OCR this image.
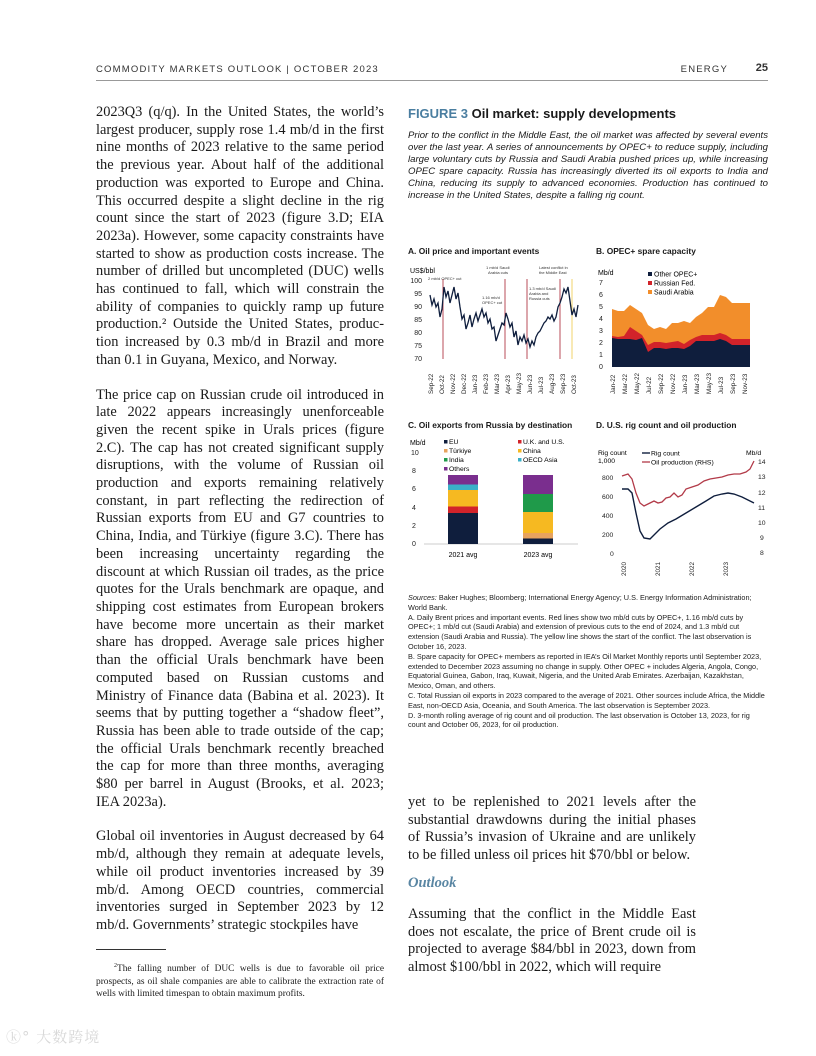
COMMODITY MARKETS OUTLOOK | OCTOBER 2023	ENERGY	25

2023Q3 (q/q). In the United States, the world’s largest producer, supply rose 1.4 mb/d in the first nine months of 2023 relative to the same period the previous year. About half of the additional production was exported to Europe and China. This occurred despite a slight decline in the rig count since the start of 2023 (figure 3.D; EIA 2023a). However, some capacity constraints have started to show as production costs increase. The number of drilled but uncompleted (DUC) wells has continued to fall, which will constrain the ability of companies to quickly ramp up future production.² Outside the United States, production increased by 0.3 mb/d in Brazil and more than 0.1 in Guyana, Mexico, and Norway.

The price cap on Russian crude oil introduced in late 2022 appears increasingly unenforceable given the recent spike in Urals prices (figure 2.C). The cap has not created significant supply disruptions, with the volume of Russian oil production and exports remaining relatively constant, in part reflecting the redirection of Russian exports from EU and G7 countries to China, India, and Türkiye (figure 3.C). There has been increasing uncertainty regarding the discount at which Russian oil trades, as the price quotes for the Urals benchmark are opaque, and shipping cost estimates from European brokers have become more uncertain as their market share has dropped. Average sale prices higher than the official Urals benchmark have been computed based on Russian customs and Ministry of Finance data (Babina et al. 2023). It seems that by putting together a “shadow fleet”, Russia has been able to trade outside of the cap; the official Urals benchmark recently breached the cap for more than three months, averaging $80 per barrel in August (Brooks, et al. 2023; IEA 2023a).

Global oil inventories in August decreased by 64 mb/d, although they remain at adequate levels, while oil product inventories increased by 39 mb/d. Among OECD countries, commercial inventories surged in September 2023 by 12 mb/d. Governments’ strategic stockpiles have

$^2$The falling number of DUC wells is due to favorable oil price prospects, as oil shale companies are able to calibrate the extraction rate of wells with limited timespan to obtain maximum profits.
FIGURE 3 Oil market: supply developments
Prior to the conflict in the Middle East, the oil market was affected by several events over the last year. A series of announcements by OPEC+ to reduce supply, including large voluntary cuts by Russia and Saudi Arabia pushed prices up, while increasing OPEC spare capacity. Russia has increasingly diverted its oil exports to India and China, reducing its supply to advanced economies. Production has continued to increase in the United States, despite a falling rig count.
A. Oil price and important events
US$/bbl
100
95
90
85
80
75
70
2 mb/d OPEC+ cut
1 mb/d Saudi
Arabia cuts
1.16 mb/d
OPEC+ cut
1.3 mb/d Saudi
Arabia and
Russia cuts
Latest conflict in
the Middle East
Sep-22 Oct-22 Nov-22 Dec-22 Jan-23 Feb-23 Mar-23 Apr-23 May-23 Jun-23 Jul-23 Aug-23 Sep-23 Oct-23
B. OPEC+ spare capacity
Mb/d
7
6
5
4
3
2
1
0
Other OPEC+
Russian Fed.
Saudi Arabia
Jan-22 Mar-22 May-22 Jul-22 Sep-22 Nov-22 Jan-23 Mar-23 May-23 Jul-23 Sep-23 Nov-23
C. Oil exports from Russia by destination
Mb/d
10
8
6
4
2
0
EU
Türkiye
India
Others
U.K. and U.S.
China
OECD Asia
2021 avg	2023 avg
D. U.S. rig count and oil production
Rig count
1,000
Mb/d
800
600
400
200
0
14
13
12
11
10
9
8
Rig count
Oil production (RHS)
2020	2021	2022	2023

Sources: Baker Hughes; Bloomberg; International Energy Agency; U.S. Energy Information Administration; World Bank.

A. Daily Brent prices and important events. Red lines show two mb/d cuts by OPEC+, 1.16 mb/d cuts by OPEC+; 1 mb/d cut (Saudi Arabia) and extension of previous cuts to the end of 2024, and 1.3 mb/d cut extension (Saudi Arabia and Russia). The yellow line shows the start of the conflict. The last observation is October 16, 2023.

B. Spare capacity for OPEC+ members as reported in IEA’s Oil Market Monthly reports until September 2023, extended to December 2023 assuming no change in supply. Other OPEC + includes Algeria, Angola, Congo, Equatorial Guinea, Gabon, Iraq, Kuwait, Nigeria, and the United Arab Emirates. Azerbaijan, Kazakhstan, Mexico, Oman, and others.

C. Total Russian oil exports in 2023 compared to the average of 2021. Other sources include Africa, the Middle East, non-OECD Asia, Oceania, and South America. The last observation is September 2023.

D. 3-month rolling average of rig count and oil production. The last observation is October 13, 2023, for rig count and October 06, 2023, for oil production.

yet to be replenished to 2021 levels after the substantial drawdowns during the initial phases of Russia’s invasion of Ukraine and are unlikely to be filled unless oil prices hit $70/bbl or below.

Outlook

Assuming that the conflict in the Middle East does not escalate, the price of Brent crude oil is projected to average $84/bbl in 2023, down from almost $100/bbl in 2022, which will require

ⓚ° 大数跨境
